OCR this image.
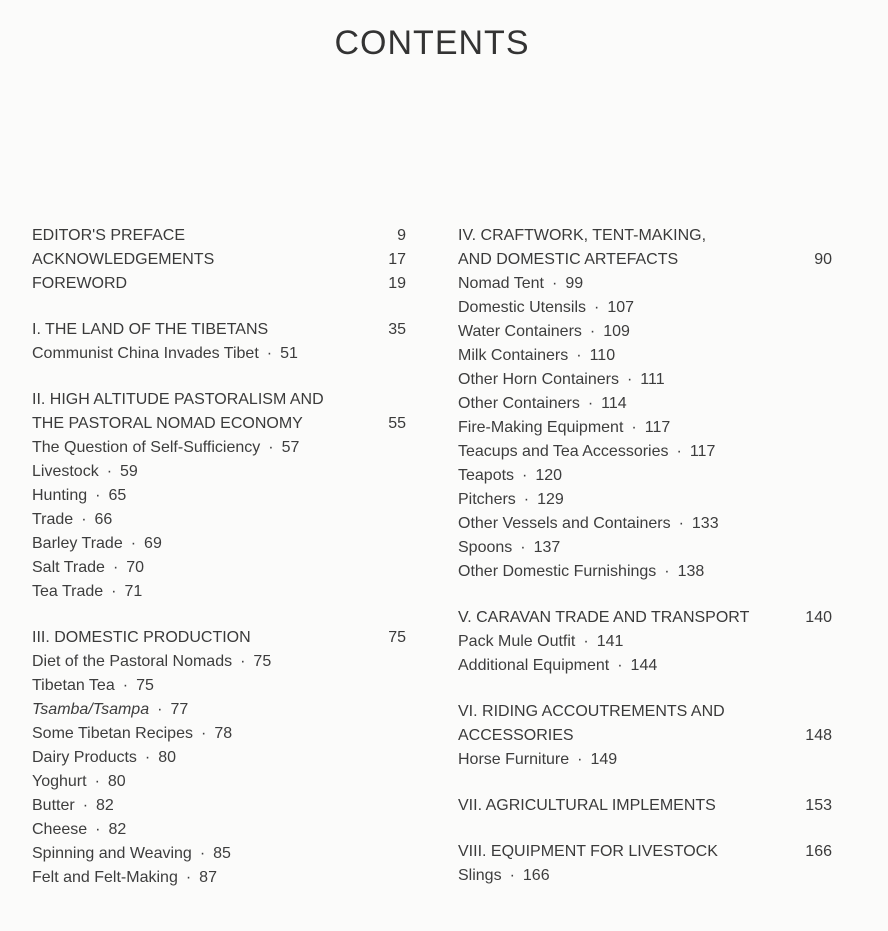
CONTENTS
EDITOR'S PREFACE	9
ACKNOWLEDGEMENTS	17
FOREWORD	19
I. THE LAND OF THE TIBETANS	35
Communist China Invades Tibet · 51
II. HIGH ALTITUDE PASTORALISM AND
THE PASTORAL NOMAD ECONOMY	55
The Question of Self-Sufficiency · 57
Livestock · 59
Hunting · 65
Trade · 66
Barley Trade · 69
Salt Trade · 70
Tea Trade · 71
III. DOMESTIC PRODUCTION	75
Diet of the Pastoral Nomads · 75
Tibetan Tea · 75
Tsamba/Tsampa · 77
Some Tibetan Recipes · 78
Dairy Products · 80
Yoghurt · 80
Butter · 82
Cheese · 82
Spinning and Weaving · 85
Felt and Felt-Making · 87
IV. CRAFTWORK, TENT-MAKING,
AND DOMESTIC ARTEFACTS	90
Nomad Tent · 99
Domestic Utensils · 107
Water Containers · 109
Milk Containers · 110
Other Horn Containers · 111
Other Containers · 114
Fire-Making Equipment · 117
Teacups and Tea Accessories · 117
Teapots · 120
Pitchers · 129
Other Vessels and Containers · 133
Spoons · 137
Other Domestic Furnishings · 138
V. CARAVAN TRADE AND TRANSPORT	140
Pack Mule Outfit · 141
Additional Equipment · 144
VI. RIDING ACCOUTREMENTS AND
ACCESSORIES	148
Horse Furniture · 149
VII. AGRICULTURAL IMPLEMENTS	153
VIII. EQUIPMENT FOR LIVESTOCK	166
Slings · 166
